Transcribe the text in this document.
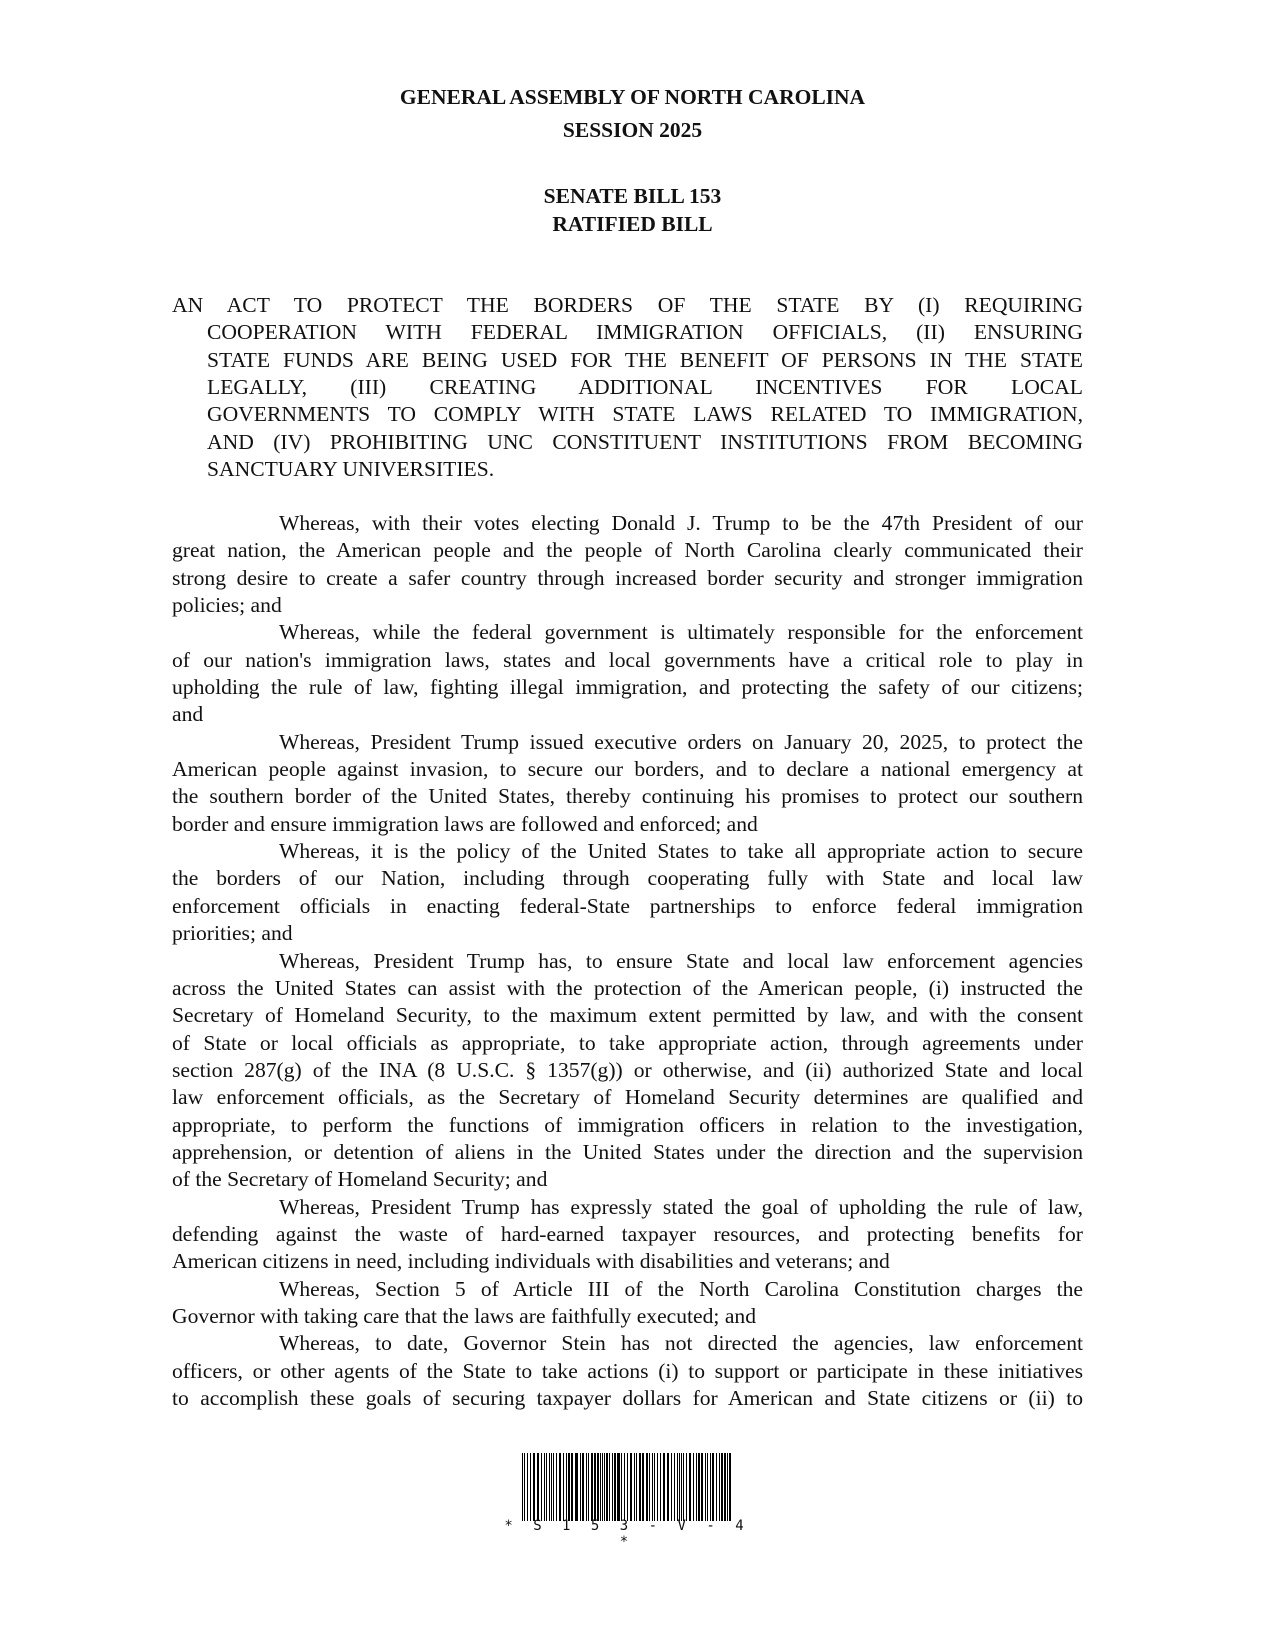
GENERAL ASSEMBLY OF NORTH CAROLINA
SESSION 2025
SENATE BILL 153
RATIFIED BILL
AN ACT TO PROTECT THE BORDERS OF THE STATE BY (I) REQUIRING
COOPERATION WITH FEDERAL IMMIGRATION OFFICIALS, (II) ENSURING
STATE FUNDS ARE BEING USED FOR THE BENEFIT OF PERSONS IN THE STATE
LEGALLY, (III) CREATING ADDITIONAL INCENTIVES FOR LOCAL
GOVERNMENTS TO COMPLY WITH STATE LAWS RELATED TO IMMIGRATION,
AND (IV) PROHIBITING UNC CONSTITUENT INSTITUTIONS FROM BECOMING
SANCTUARY UNIVERSITIES.
Whereas, with their votes electing Donald J. Trump to be the 47th President of our
great nation, the American people and the people of North Carolina clearly communicated their
strong desire to create a safer country through increased border security and stronger immigration
policies; and
Whereas, while the federal government is ultimately responsible for the enforcement
of our nation's immigration laws, states and local governments have a critical role to play in
upholding the rule of law, fighting illegal immigration, and protecting the safety of our citizens;
and
Whereas, President Trump issued executive orders on January 20, 2025, to protect the
American people against invasion, to secure our borders, and to declare a national emergency at
the southern border of the United States, thereby continuing his promises to protect our southern
border and ensure immigration laws are followed and enforced; and
Whereas, it is the policy of the United States to take all appropriate action to secure
the borders of our Nation, including through cooperating fully with State and local law
enforcement officials in enacting federal-State partnerships to enforce federal immigration
priorities; and
Whereas, President Trump has, to ensure State and local law enforcement agencies
across the United States can assist with the protection of the American people, (i) instructed the
Secretary of Homeland Security, to the maximum extent permitted by law, and with the consent
of State or local officials as appropriate, to take appropriate action, through agreements under
section 287(g) of the INA (8 U.S.C. § 1357(g)) or otherwise, and (ii) authorized State and local
law enforcement officials, as the Secretary of Homeland Security determines are qualified and
appropriate, to perform the functions of immigration officers in relation to the investigation,
apprehension, or detention of aliens in the United States under the direction and the supervision
of the Secretary of Homeland Security; and
Whereas, President Trump has expressly stated the goal of upholding the rule of law,
defending against the waste of hard-earned taxpayer resources, and protecting benefits for
American citizens in need, including individuals with disabilities and veterans; and
Whereas, Section 5 of Article III of the North Carolina Constitution charges the
Governor with taking care that the laws are faithfully executed; and
Whereas, to date, Governor Stein has not directed the agencies, law enforcement
officers, or other agents of the State to take actions (i) to support or participate in these initiatives
to accomplish these goals of securing taxpayer dollars for American and State citizens or (ii) to
* S 1 5 3 - V - 4 *
